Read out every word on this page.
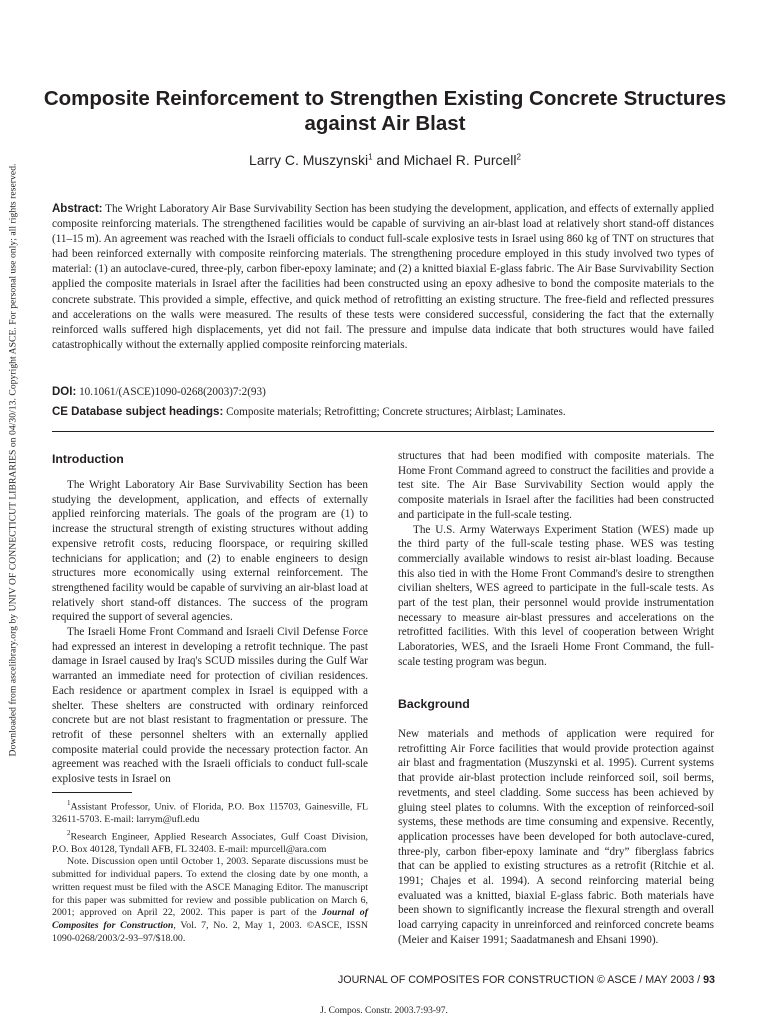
Downloaded from ascelibrary.org by UNIV OF CONNECTICUT LIBRARIES on 04/30/13. Copyright ASCE. For personal use only; all rights reserved.
Composite Reinforcement to Strengthen Existing Concrete Structures against Air Blast
Larry C. Muszynski$^1$ and Michael R. Purcell$^2$

Abstract: The Wright Laboratory Air Base Survivability Section has been studying the development, application, and effects of externally applied composite reinforcing materials. The strengthened facilities would be capable of surviving an air-blast load at relatively short stand-off distances (11–15 m). An agreement was reached with the Israeli officials to conduct full-scale explosive tests in Israel using 860 kg of TNT on structures that had been reinforced externally with composite reinforcing materials. The strengthening procedure employed in this study involved two types of material: (1) an autoclave-cured, three-ply, carbon fiber-epoxy laminate; and (2) a knitted biaxial E-glass fabric. The Air Base Survivability Section applied the composite materials in Israel after the facilities had been constructed using an epoxy adhesive to bond the composite materials to the concrete substrate. This provided a simple, effective, and quick method of retrofitting an existing structure. The free-field and reflected pressures and accelerations on the walls were measured. The results of these tests were considered successful, considering the fact that the externally reinforced walls suffered high displacements, yet did not fail. The pressure and impulse data indicate that both structures would have failed catastrophically without the externally applied composite reinforcing materials.

DOI: 10.1061/(ASCE)1090-0268(2003)7:2(93)
CE Database subject headings: Composite materials; Retrofitting; Concrete structures; Airblast; Laminates.
Introduction

The Wright Laboratory Air Base Survivability Section has been studying the development, application, and effects of externally applied reinforcing materials. The goals of the program are (1) to increase the structural strength of existing structures without adding expensive retrofit costs, reducing floorspace, or requiring skilled technicians for application; and (2) to enable engineers to design structures more economically using external reinforcement. The strengthened facility would be capable of surviving an air-blast load at relatively short stand-off distances. The success of the program required the support of several agencies.

The Israeli Home Front Command and Israeli Civil Defense Force had expressed an interest in developing a retrofit technique. The past damage in Israel caused by Iraq's SCUD missiles during the Gulf War warranted an immediate need for protection of civilian residences. Each residence or apartment complex in Israel is equipped with a shelter. These shelters are constructed with ordinary reinforced concrete but are not blast resistant to fragmentation or pressure. The retrofit of these personnel shelters with an externally applied composite material could provide the necessary protection factor. An agreement was reached with the Israeli officials to conduct full-scale explosive tests in Israel on

$^1$Assistant Professor, Univ. of Florida, P.O. Box 115703, Gainesville, FL 32611-5703. E-mail: larrym@ufl.edu

$^2$Research Engineer, Applied Research Associates, Gulf Coast Division, P.O. Box 40128, Tyndall AFB, FL 32403. E-mail: mpurcell@ara.com

Note. Discussion open until October 1, 2003. Separate discussions must be submitted for individual papers. To extend the closing date by one month, a written request must be filed with the ASCE Managing Editor. The manuscript for this paper was submitted for review and possible publication on March 6, 2001; approved on April 22, 2002. This paper is part of the Journal of Composites for Construction, Vol. 7, No. 2, May 1, 2003. ©ASCE, ISSN 1090-0268/2003/2-93–97/$18.00.

structures that had been modified with composite materials. The Home Front Command agreed to construct the facilities and provide a test site. The Air Base Survivability Section would apply the composite materials in Israel after the facilities had been constructed and participate in the full-scale testing.

The U.S. Army Waterways Experiment Station (WES) made up the third party of the full-scale testing phase. WES was testing commercially available windows to resist air-blast loading. Because this also tied in with the Home Front Command's desire to strengthen civilian shelters, WES agreed to participate in the full-scale tests. As part of the test plan, their personnel would provide instrumentation necessary to measure air-blast pressures and accelerations on the retrofitted facilities. With this level of cooperation between Wright Laboratories, WES, and the Israeli Home Front Command, the full-scale testing program was begun.

Background

New materials and methods of application were required for retrofitting Air Force facilities that would provide protection against air blast and fragmentation (Muszynski et al. 1995). Current systems that provide air-blast protection include reinforced soil, soil berms, revetments, and steel cladding. Some success has been achieved by gluing steel plates to columns. With the exception of reinforced-soil systems, these methods are time consuming and expensive. Recently, application processes have been developed for both autoclave-cured, three-ply, carbon fiber-epoxy laminate and “dry” fiberglass fabrics that can be applied to existing structures as a retrofit (Ritchie et al. 1991; Chajes et al. 1994). A second reinforcing material being evaluated was a knitted, biaxial E-glass fabric. Both materials have been shown to significantly increase the flexural strength and overall load carrying capacity in unreinforced and reinforced concrete beams (Meier and Kaiser 1991; Saadatmanesh and Ehsani 1990).

JOURNAL OF COMPOSITES FOR CONSTRUCTION © ASCE / MAY 2003 / 93
J. Compos. Constr. 2003.7:93-97.
